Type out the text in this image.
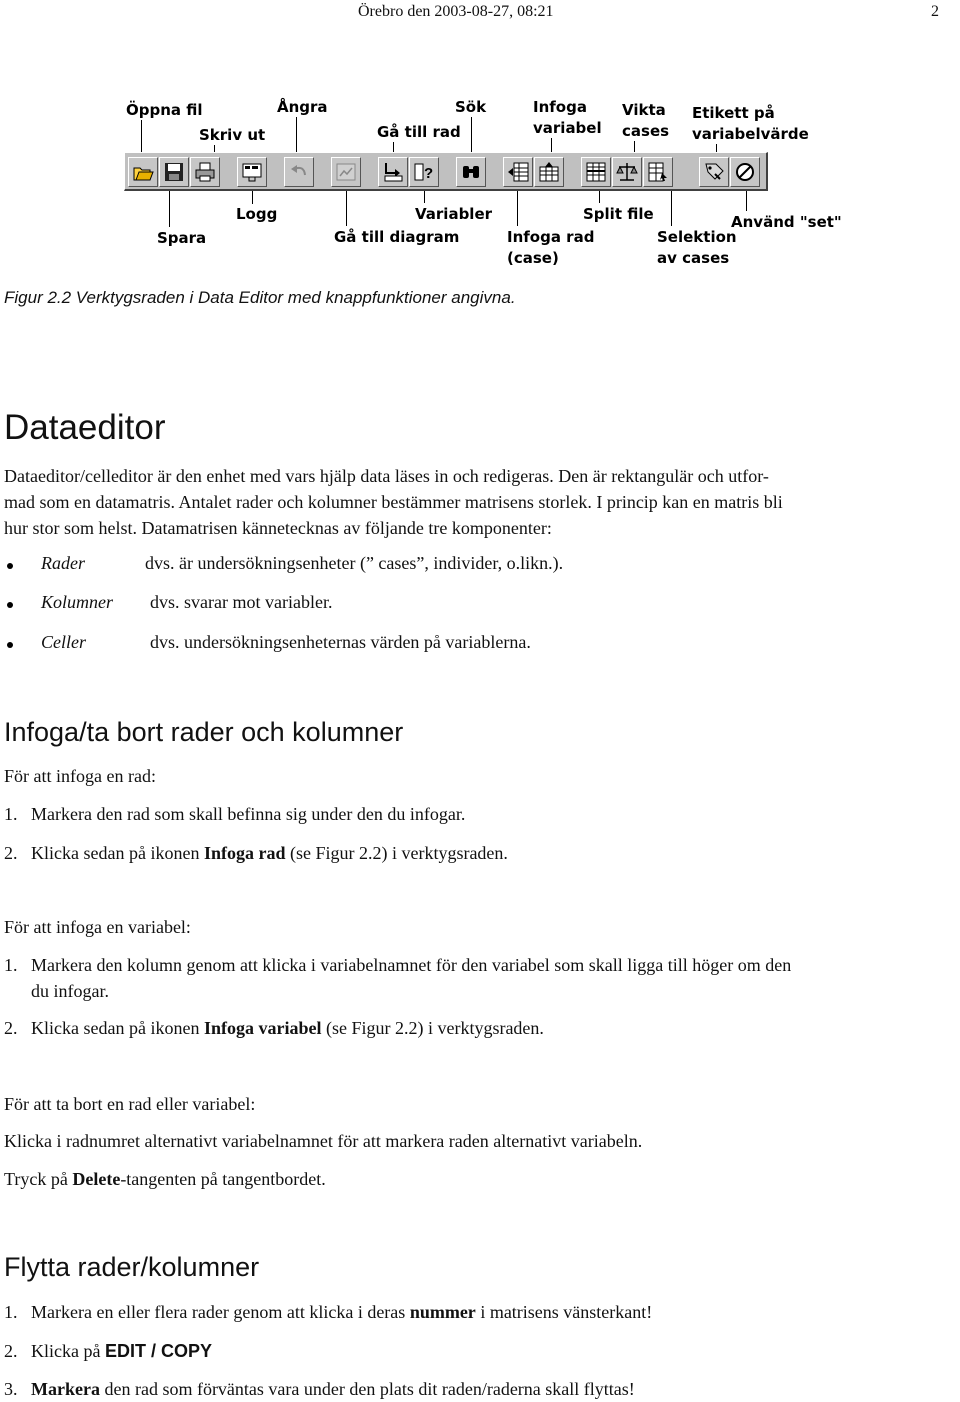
Örebro den 2003-08-27, 08:21	2
Öppna fil
Skriv ut
Ångra
Gå till rad
Sök	Infoga
variabel
Vikta
cases
Etikett på
variabelvärde
?
Logg
Spara
Variabler
Gå till diagram
Split file
Infoga rad
(case)
Använd "set"
Selektion
av cases
Figur 2.2 Verktygsraden i Data Editor med knappfunktioner angivna.
Dataeditor

Dataeditor/celleditor är den enhet med vars hjälp data läses in och redigeras. Den är rektangulär och utfor-

mad som en datamatris. Antalet rader och kolumner bestämmer matrisens storlek. I princip kan en matris bli

hur stor som helst. Datamatrisen kännetecknas av följande tre komponenter:

Rader	dvs. är undersökningsenheter (” cases”, individer, o.likn.).
Kolumner dvs. svarar mot variabler.
Celler	dvs. undersökningsenheternas värden på variablerna.
Infoga/ta bort rader och kolumner

För att infoga en rad:

1. Markera den rad som skall befinna sig under den du infogar.
2. Klicka sedan på ikonen Infoga rad (se Figur 2.2) i verktygsraden.

För att infoga en variabel:

1. Markera den kolumn genom att klicka i variabelnamnet för den variabel som skall ligga till höger om den
du infogar.
2. Klicka sedan på ikonen Infoga variabel (se Figur 2.2) i verktygsraden.

För att ta bort en rad eller variabel:

Klicka i radnumret alternativt variabelnamnet för att markera raden alternativt variabeln.

Tryck på Delete-tangenten på tangentbordet.

Flytta rader/kolumner
1. Markera en eller flera rader genom att klicka i deras nummer i matrisens vänsterkant!
2. Klicka på EDIT / COPY
3. Markera den rad som förväntas vara under den plats dit raden/raderna skall flyttas!
